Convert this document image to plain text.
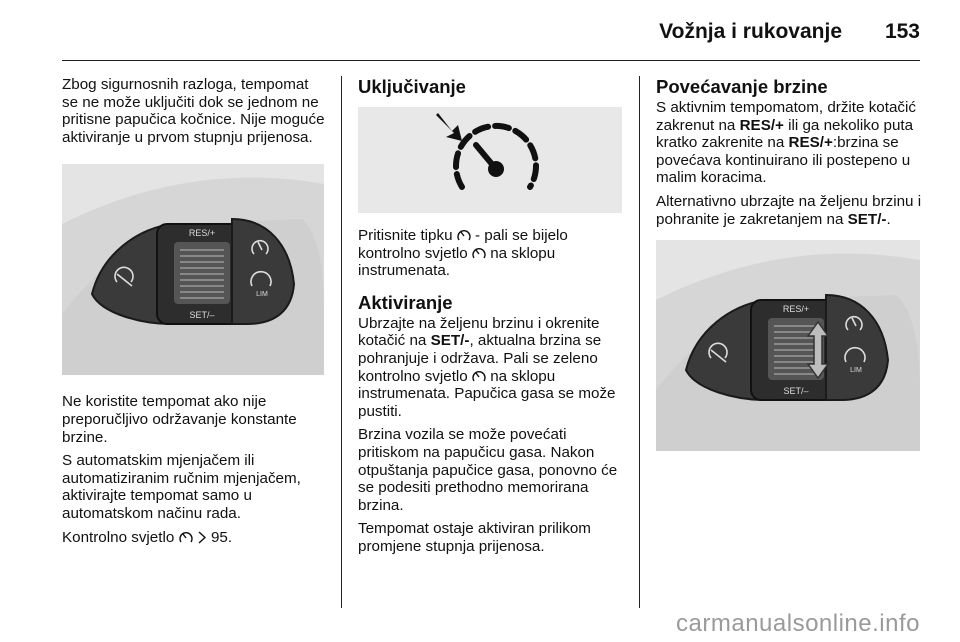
Vožnja i rukovanje 153

Zbog sigurnosnih razloga, tempomat se ne može uključiti dok se jednom ne pritisne papučica kočnice. Nije moguće aktiviranje u prvom stupnju prijenosa.

RES/+
SET/–
LIM

Ne koristite tempomat ako nije preporučljivo održavanje konstante brzine.

S automatskim mjenjačem ili automatiziranim ručnim mjenjačem, aktivirajte tempomat samo u automatskom načinu rada.

Kontrolno svjetlo   95.

Uključivanje

Pritisnite tipku  - pali se bijelo kontrolno svjetlo  na sklopu instrumenata.

Aktiviranje

Ubrzajte na željenu brzinu i okrenite kotačić na SET/-, aktualna brzina se pohranjuje i održava. Pali se zeleno kontrolno svjetlo  na sklopu instrumenata. Papučica gasa se može pustiti.

Brzina vozila se može povećati pritiskom na papučicu gasa. Nakon otpuštanja papučice gasa, ponovno će se podesiti prethodno memorirana brzina.

Tempomat ostaje aktiviran prilikom promjene stupnja prijenosa.

Povećavanje brzine

S aktivnim tempomatom, držite kotačić zakrenut na RES/+ ili ga nekoliko puta kratko zakrenite na RES/+:brzina se povećava kontinuirano ili postepeno u malim koracima.

Alternativno ubrzajte na željenu brzinu i pohranite je zakretanjem na SET/-.

RES/+
SET/–
LIM
carmanualsonline.info
